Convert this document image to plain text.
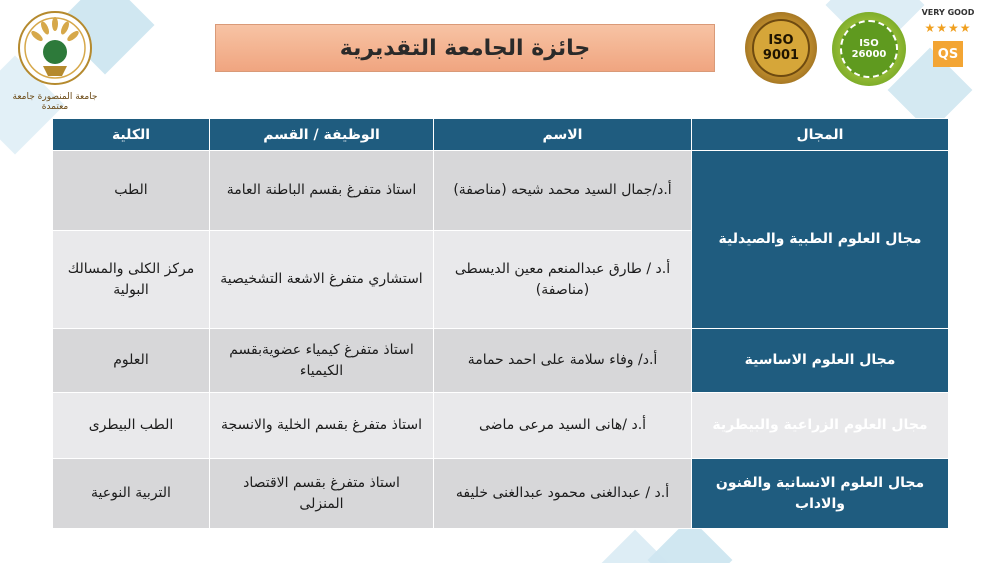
جامعة المنصورة جامعة معتمدة
جائزة الجامعة التقديرية	ISO 9001
ISO 26000
VERY GOOD
★★★★
QS
المجال	الاسم	الوظيفة / القسم	الكلية
مجال العلوم الطبية والصيدلية	أ.د/جمال السيد محمد شيحه (مناصفة)	استاذ متفرغ بقسم الباطنة العامة	الطب
	أ.د / طارق عبدالمنعم معين الديسطى (مناصفة)	استشاري متفرغ الاشعة التشخيصية	مركز الكلى والمسالك البولية
مجال العلوم الاساسية	أ.د/ وفاء سلامة على احمد حمامة	استاذ متفرغ كيمياء عضويةبقسم الكيمياء	العلوم
مجال العلوم الزراعية والبيطرية	أ.د /هانى السيد مرعى ماضى	استاذ متفرغ بقسم الخلية والانسجة	الطب البيطرى
مجال العلوم الانسانية والفنون والاداب	أ.د / عبدالغنى محمود عبدالغنى خليفه	استاذ متفرغ بقسم الاقتصاد المنزلى	التربية النوعية
